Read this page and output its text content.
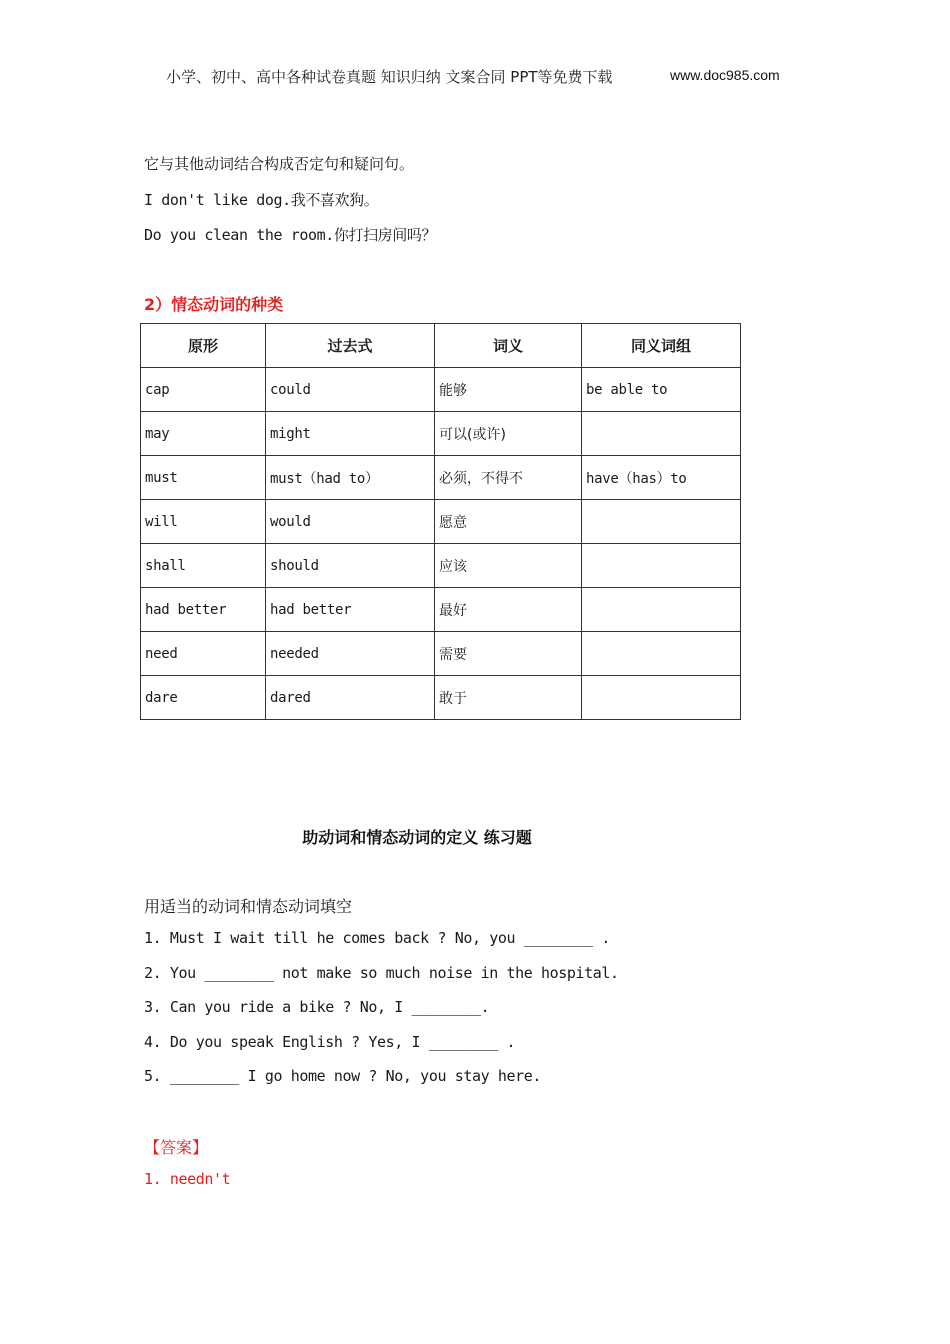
小学、初中、高中各种试卷真题 知识归纳 文案合同 PPT等免费下载	www.doc985.com
它与其他动词结合构成否定句和疑问句。
I don't like dog.我不喜欢狗。
Do you clean the room.你打扫房间吗？
2）情态动词的种类
原形	过去式	词义	同义词组
cap	could	能够	be able to
may	might	可以(或许)	
must	must（had to）	必须，不得不	have（has）to
will	would	愿意	
shall	should	应该	
had better	had better	最好	
need	needed	需要	
dare	dared	敢于	
助动词和情态动词的定义 练习题
用适当的动词和情态动词填空
1. Must I wait till he comes back ? No, you ________ .
2. You ________ not make so much noise in the hospital.
3. Can you ride a bike ? No, I ________.
4. Do you speak English ? Yes, I ________ .
5. ________ I go home now ? No, you stay here.
【答案】
1. needn't
